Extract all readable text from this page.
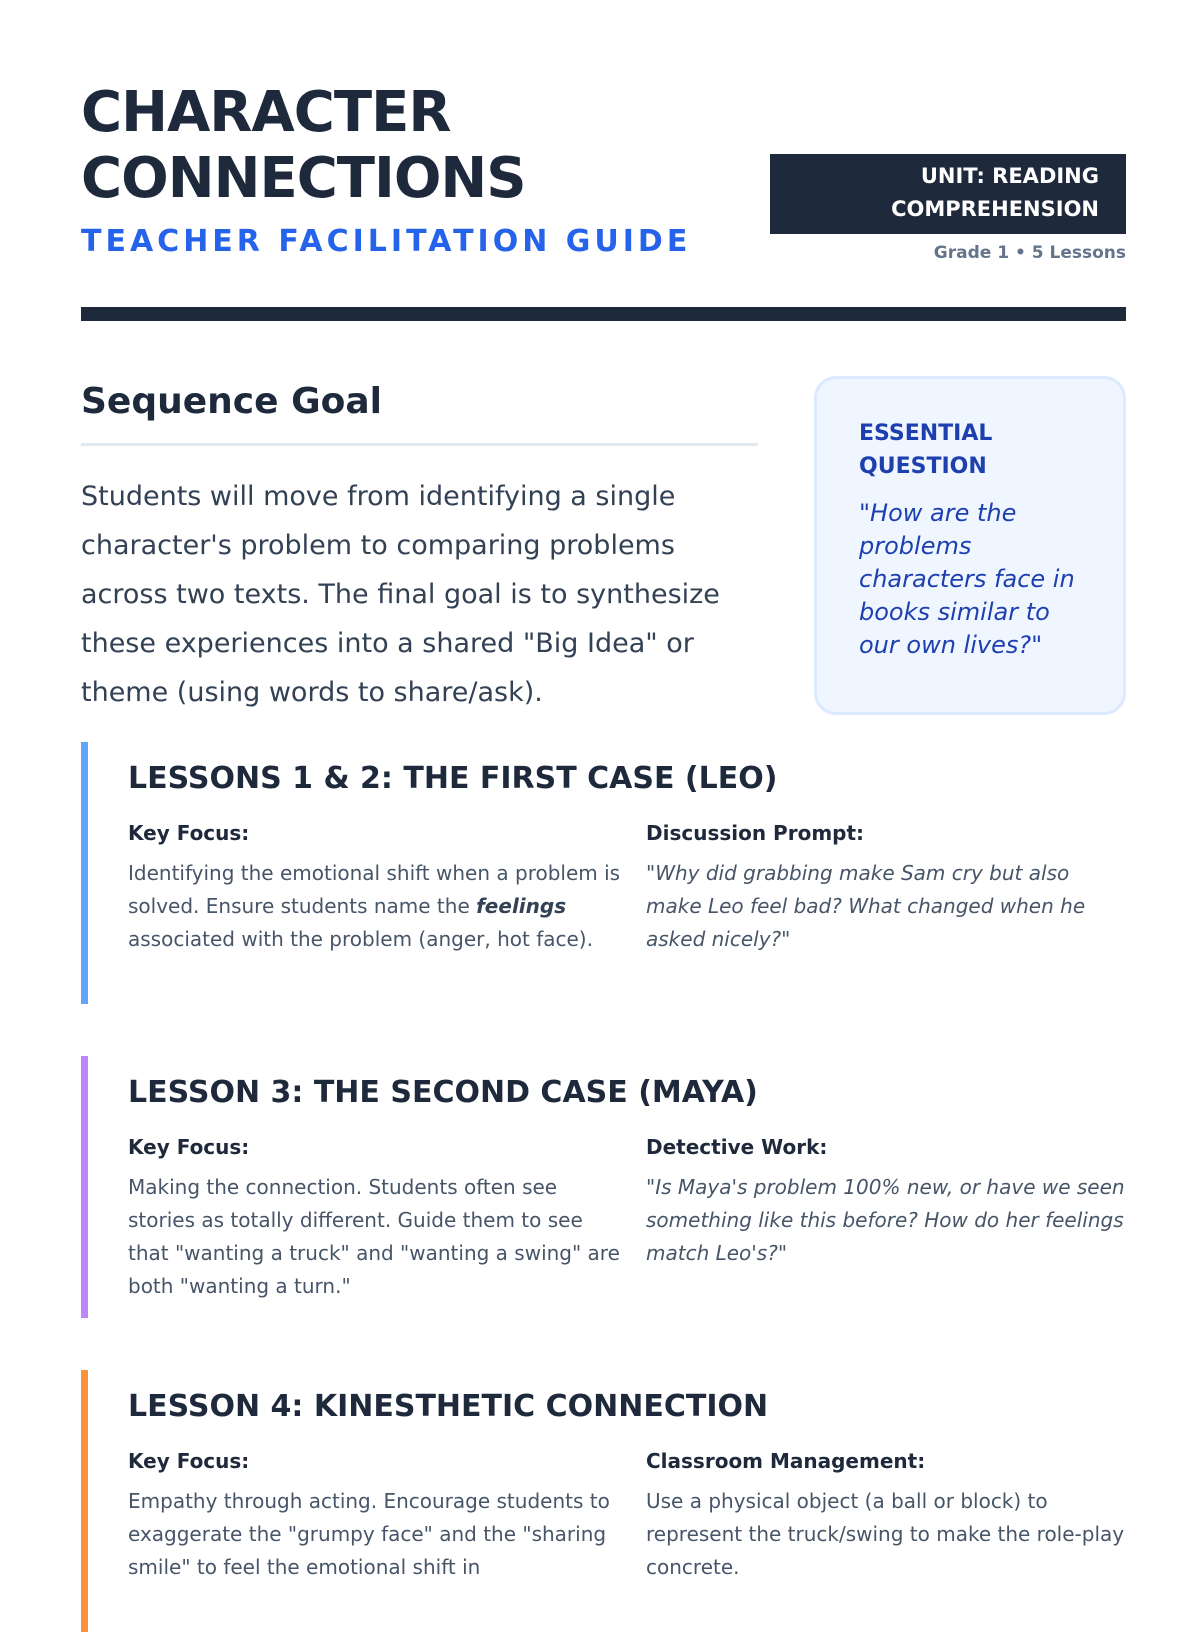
CHARACTER
CONNECTIONS
TEACHER FACILITATION GUIDE
UNIT: READING
COMPREHENSION
Grade 1 • 5 Lessons
Sequence Goal

Students will move from identifying a single character's problem to comparing problems across two texts. The final goal is to synthesize these experiences into a shared "Big Idea" or theme (using words to share/ask).

ESSENTIAL QUESTION
"How are the problems characters face in books similar to our own lives?"
LESSONS 1 & 2: THE FIRST CASE (LEO)
Key Focus:
Identifying the emotional shift when a problem is solved. Ensure students name the feelings associated with the problem (anger, hot face).
Discussion Prompt:
"Why did grabbing make Sam cry but also make Leo feel bad? What changed when he asked nicely?"
LESSON 3: THE SECOND CASE (MAYA)
Key Focus:
Making the connection. Students often see stories as totally different. Guide them to see that "wanting a truck" and "wanting a swing" are both "wanting a turn."
Detective Work:
"Is Maya's problem 100% new, or have we seen something like this before? How do her feelings match Leo's?"
LESSON 4: KINESTHETIC CONNECTION
Key Focus:
Empathy through acting. Encourage students to exaggerate the "grumpy face" and the "sharing smile" to feel the emotional shift in
Classroom Management:
Use a physical object (a ball or block) to represent the truck/swing to make the role-play concrete.
